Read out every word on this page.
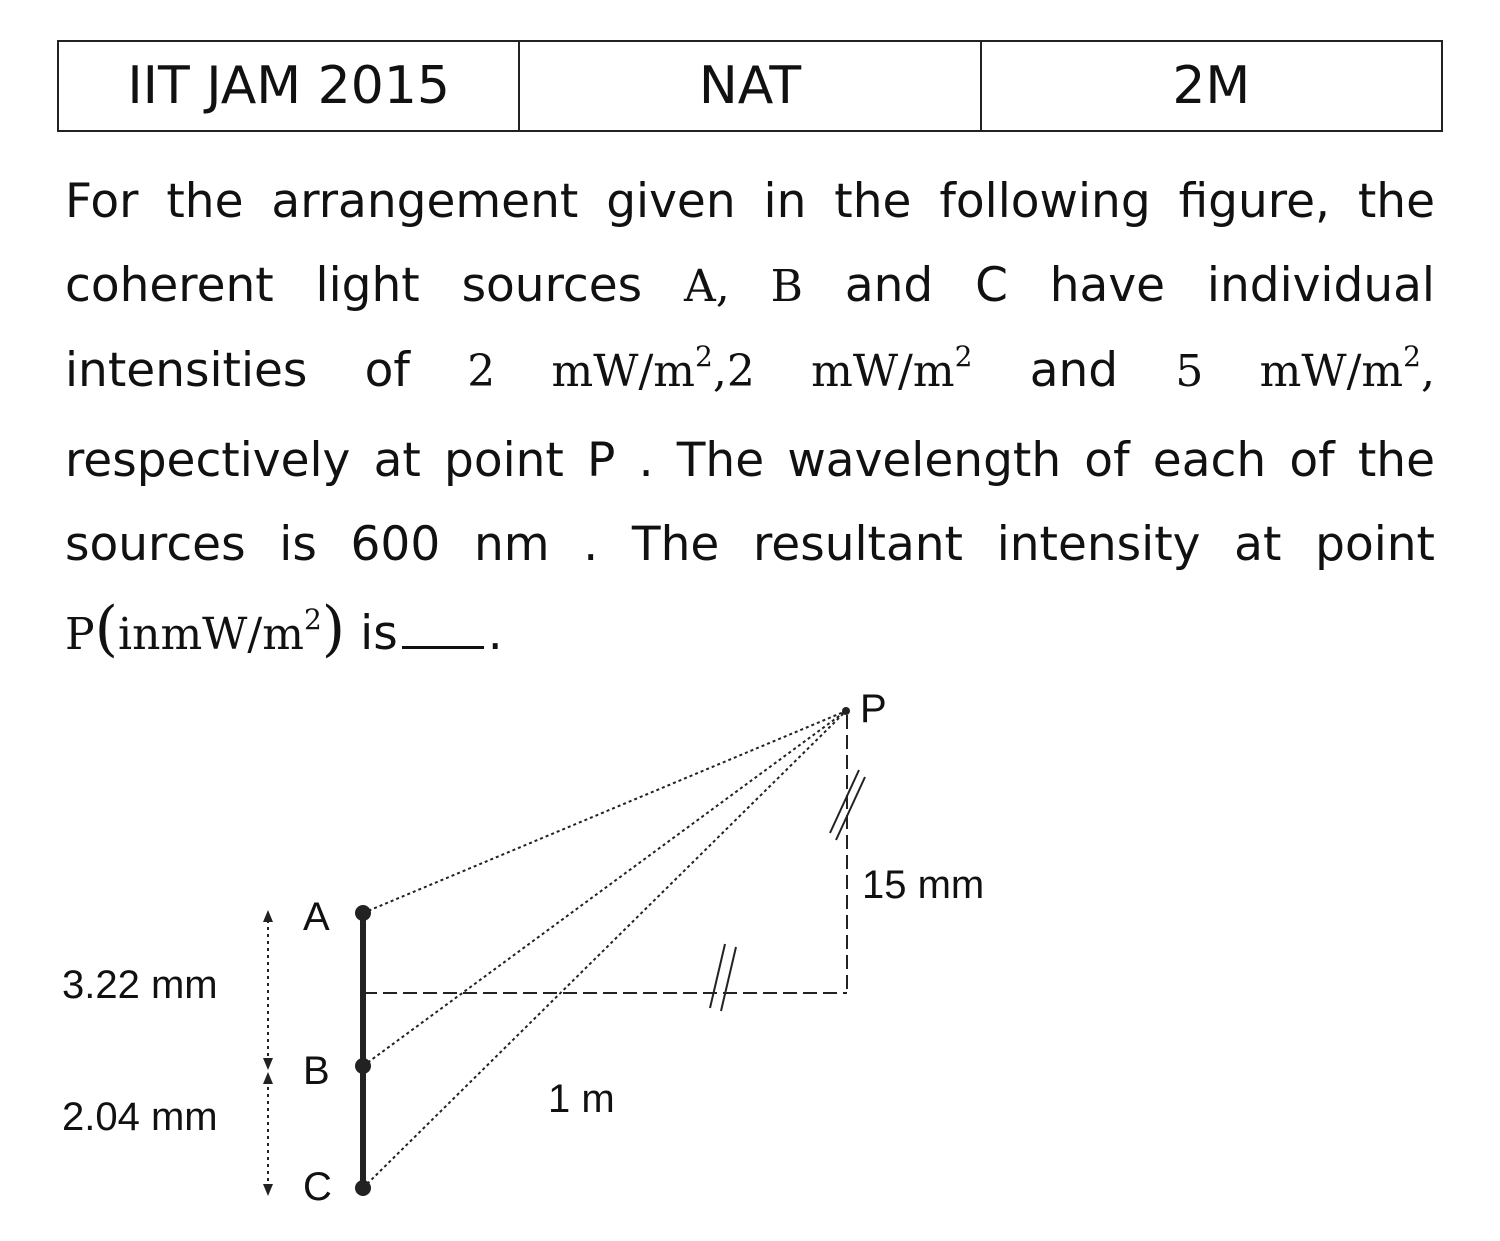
IIT JAM 2015	NAT	2M
For the arrangement given in the following figure, the coherent light sources A, B and C have individual intensities of 2 $mW/m^2,2$ $mW/m^2$ and 5 $mW/m^2$, respectively at point P . The wavelength of each of the sources is 600 nm . The resultant intensity at point $P(inmW/m^2)$ is .
P
A
B
C
15 mm
3.22 mm
2.04 mm	1 m
